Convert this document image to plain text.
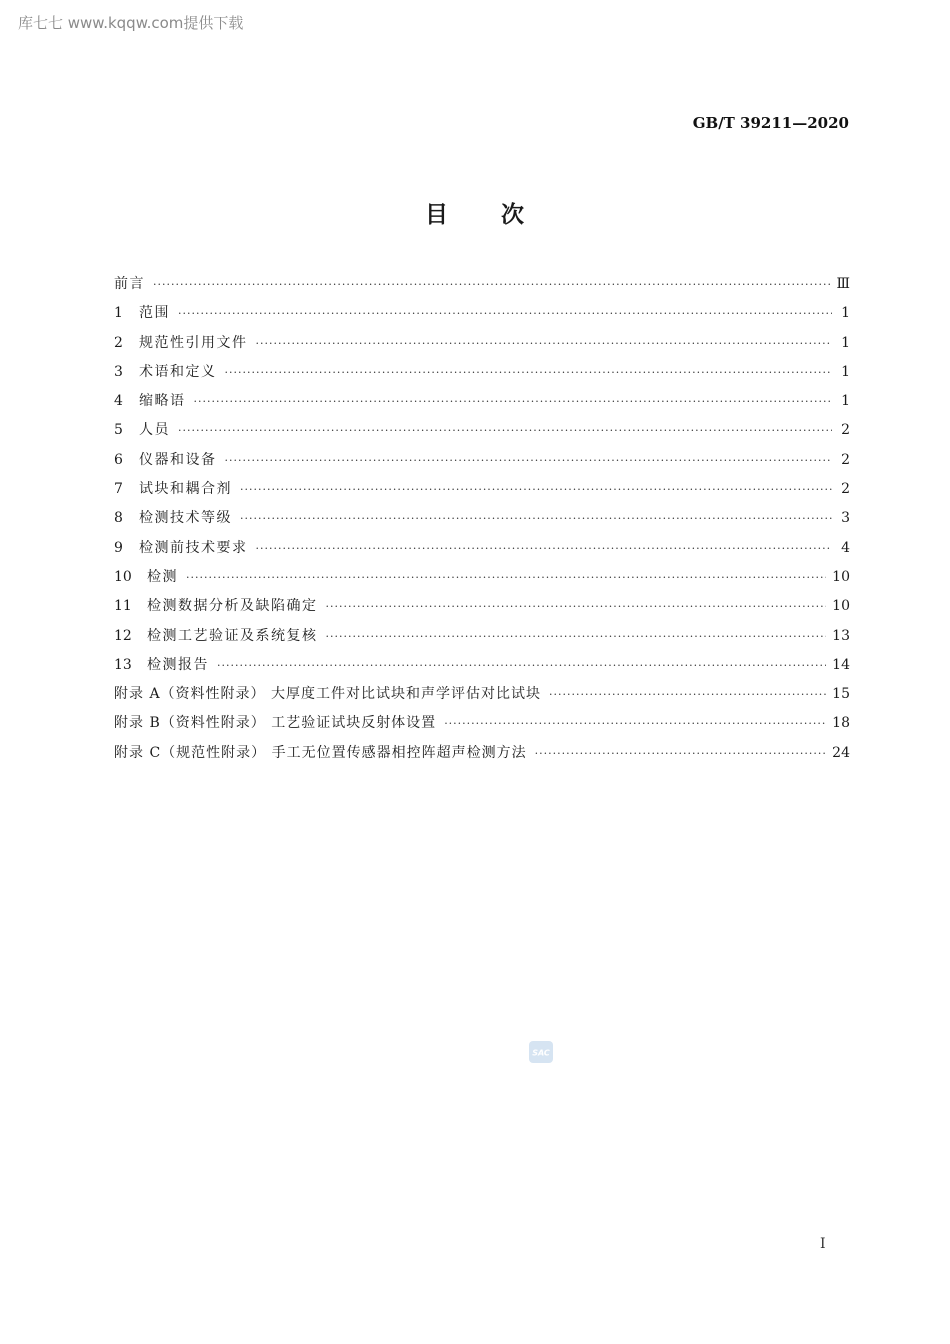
库七七 www.kqqw.com提供下载
GB/T 39211—2020
目 次
前言 ·····	Ⅲ
1	范围 ·····	1
2	规范性引用文件 ·····	1
3	术语和定义 ·····	1
4	缩略语 ·····	1
5	人员 ·····	2
6	仪器和设备 ·····	2
7	试块和耦合剂 ·····	2
8	检测技术等级 ·····	3
9	检测前技术要求 ·····	4
10	检测 ·····	10
11	检测数据分析及缺陷确定 ·····	10
12	检测工艺验证及系统复核 ·····	13
13	检测报告 ·····	14
附录 A（资料性附录） 大厚度工件对比试块和声学评估对比试块 ·····	15
附录 B（资料性附录） 工艺验证试块反射体设置 ·····	18
附录 C（规范性附录） 手工无位置传感器相控阵超声检测方法 ·····	24
SAC
I
